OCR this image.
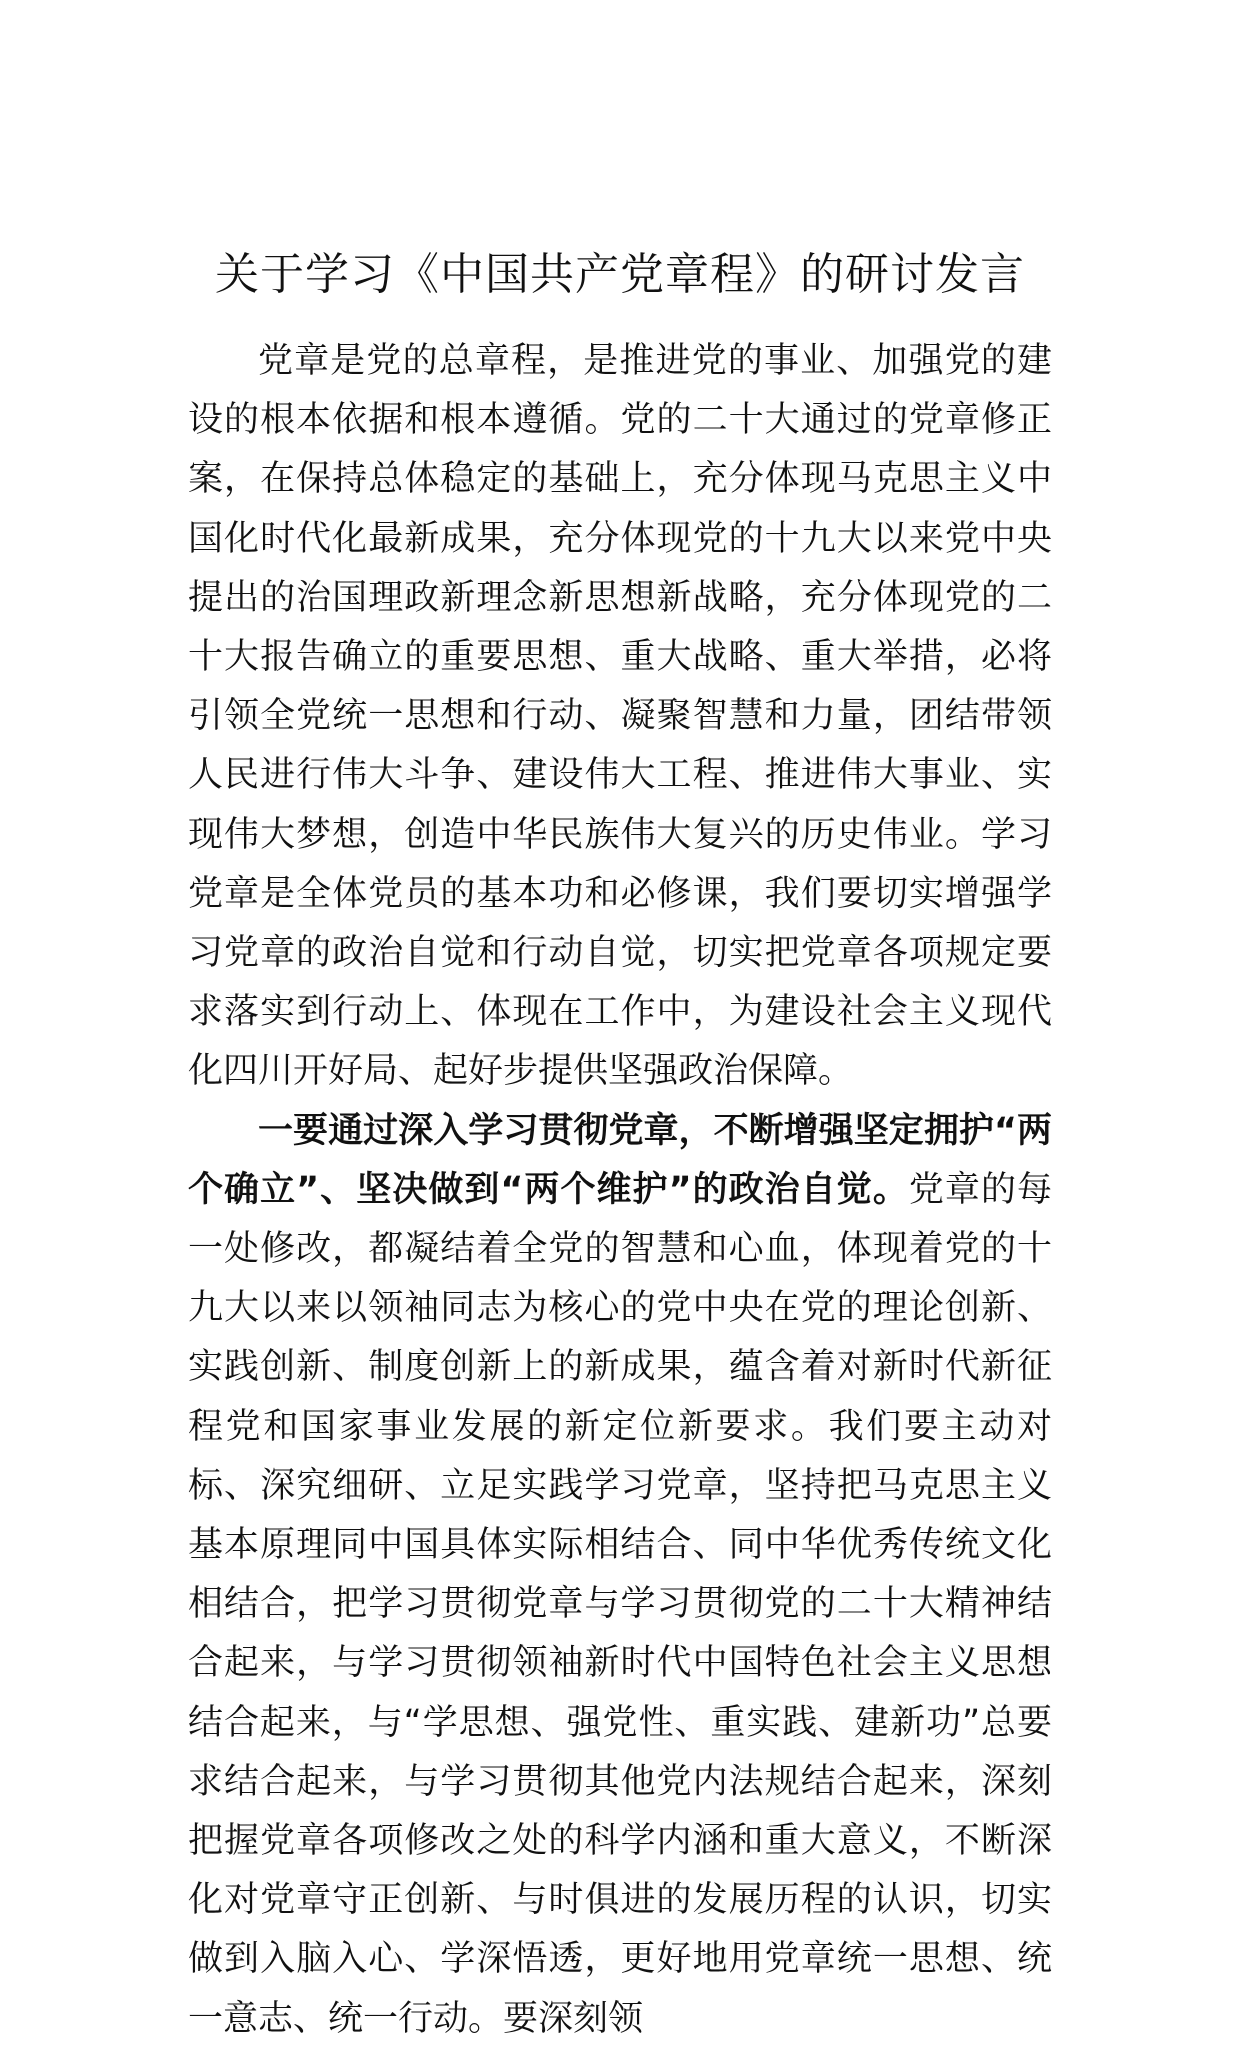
关于学习《中国共产党章程》的研讨发言

党章是党的总章程，是推进党的事业、加强党的建设的根本依据和根本遵循。党的二十大通过的党章修正案，在保持总体稳定的基础上，充分体现马克思主义中国化时代化最新成果，充分体现党的十九大以来党中央提出的治国理政新理念新思想新战略，充分体现党的二十大报告确立的重要思想、重大战略、重大举措，必将引领全党统一思想和行动、凝聚智慧和力量，团结带领人民进行伟大斗争、建设伟大工程、推进伟大事业、实现伟大梦想，创造中华民族伟大复兴的历史伟业。学习党章是全体党员的基本功和必修课，我们要切实增强学习党章的政治自觉和行动自觉，切实把党章各项规定要求落实到行动上、体现在工作中，为建设社会主义现代化四川开好局、起好步提供坚强政治保障。

一要通过深入学习贯彻党章，不断增强坚定拥护“两个确立”、坚决做到“两个维护”的政治自觉。党章的每一处修改，都凝结着全党的智慧和心血，体现着党的十九大以来以领袖同志为核心的党中央在党的理论创新、实践创新、制度创新上的新成果，蕴含着对新时代新征程党和国家事业发展的新定位新要求。我们要主动对标、深究细研、立足实践学习党章，坚持把马克思主义基本原理同中国具体实际相结合、同中华优秀传统文化相结合，把学习贯彻党章与学习贯彻党的二十大精神结合起来，与学习贯彻领袖新时代中国特色社会主义思想结合起来，与“学思想、强党性、重实践、建新功”总要求结合起来，与学习贯彻其他党内法规结合起来，深刻把握党章各项修改之处的科学内涵和重大意义，不断深化对党章守正创新、与时俱进的发展历程的认识，切实做到入脑入心、学深悟透，更好地用党章统一思想、统一意志、统一行动。要深刻领
